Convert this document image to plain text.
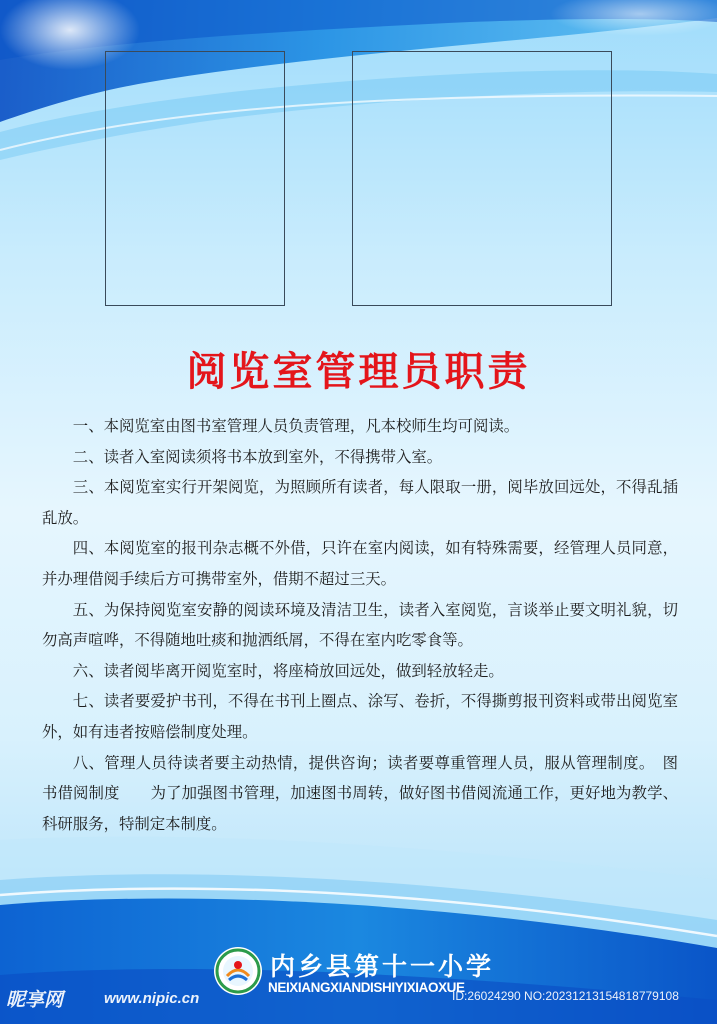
阅览室管理员职责

一、本阅览室由图书室管理人员负责管理，凡本校师生均可阅读。

二、读者入室阅读须将书本放到室外，不得携带入室。

三、本阅览室实行开架阅览，为照顾所有读者，每人限取一册，阅毕放回远处，不得乱插乱放。

四、本阅览室的报刊杂志概不外借，只许在室内阅读，如有特殊需要，经管理人员同意，并办理借阅手续后方可携带室外，借期不超过三天。

五、为保持阅览室安静的阅读环境及清洁卫生，读者入室阅览，言谈举止要文明礼貌，切勿高声喧哗，不得随地吐痰和抛洒纸屑，不得在室内吃零食等。

六、读者阅毕离开阅览室时，将座椅放回远处，做到轻放轻走。

七、读者要爱护书刊，不得在书刊上圈点、涂写、卷折，不得撕剪报刊资料或带出阅览室外，如有违者按赔偿制度处理。

八、管理人员待读者要主动热情，提供咨询；读者要尊重管理人员，服从管理制度。　图书借阅制度　　为了加强图书管理，加速图书周转，做好图书借阅流通工作，更好地为教学、科研服务，特制定本制度。

内乡县第十一小学
NEIXIANGXIANDISHIYIXIAOXUE
昵享网	www.nipic.cn	ID:26024290 NO:20231213154818779108
